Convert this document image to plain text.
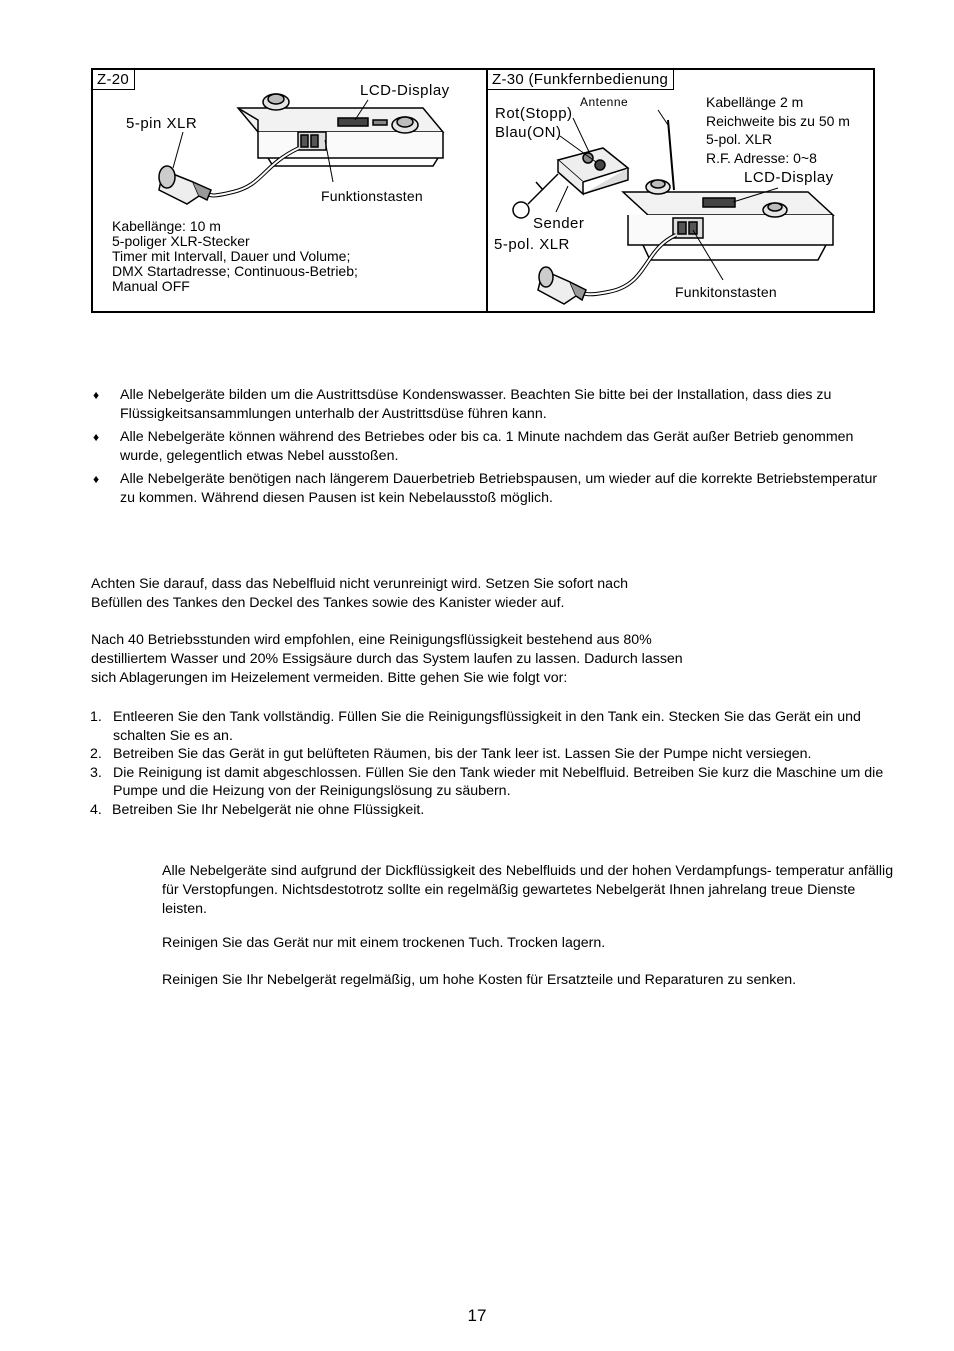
Z-20
LCD-Display
5-pin XLR
Funktionstasten
Kabellänge: 10 m
5-poliger XLR-Stecker
Timer mit Intervall, Dauer und Volume;
DMX Startadresse; Continuous-Betrieb;
Manual OFF
Z-30 (Funkfernbedienung
Antenne
Rot(Stopp)
Blau(ON)
Kabellänge 2 m
Reichweite bis zu 50 m
5-pol. XLR
R.F. Adresse: 0~8
LCD-Display
Sender
5-pol. XLR
Funkitonstasten
♦ Alle Nebelgeräte bilden um die Austrittsdüse Kondenswasser. Beachten Sie bitte bei der Installation, dass dies zu Flüssigkeitsansammlungen unterhalb der Austrittsdüse führen kann.
♦ Alle Nebelgeräte können während des Betriebes oder bis ca. 1 Minute nachdem das Gerät außer Betrieb genommen wurde, gelegentlich etwas Nebel ausstoßen.
♦ Alle Nebelgeräte benötigen nach längerem Dauerbetrieb Betriebspausen, um wieder auf die korrekte Betriebstemperatur zu kommen. Während diesen Pausen ist kein Nebelausstoß möglich.
Achten Sie darauf, dass das Nebelfluid nicht verunreinigt wird. Setzen Sie sofort nach
Befüllen des Tankes den Deckel des Tankes sowie des Kanister wieder auf.
Nach 40 Betriebsstunden wird empfohlen, eine Reinigungsflüssigkeit bestehend aus 80%
destilliertem Wasser und 20% Essigsäure durch das System laufen zu lassen. Dadurch lassen
sich Ablagerungen im Heizelement vermeiden. Bitte gehen Sie wie folgt vor:
1. Entleeren Sie den Tank vollständig. Füllen Sie die Reinigungsflüssigkeit in den Tank ein. Stecken Sie das Gerät ein und schalten Sie es an.
2. Betreiben Sie das Gerät in gut belüfteten Räumen, bis der Tank leer ist. Lassen Sie der Pumpe nicht versiegen.
3. Die Reinigung ist damit abgeschlossen. Füllen Sie den Tank wieder mit Nebelfluid. Betreiben Sie kurz die Maschine um die Pumpe und die Heizung von der Reinigungslösung zu säubern.
4. Betreiben Sie Ihr Nebelgerät nie ohne Flüssigkeit.
Alle Nebelgeräte sind aufgrund der Dickflüssigkeit des Nebelfluids und der hohen Verdampfungs- temperatur anfällig für Verstopfungen. Nichtsdestotrotz sollte ein regelmäßig gewartetes Nebelgerät Ihnen jahrelang treue Dienste leisten.
Reinigen Sie das Gerät nur mit einem trockenen Tuch. Trocken lagern.
Reinigen Sie Ihr Nebelgerät regelmäßig, um hohe Kosten für Ersatzteile und Reparaturen zu senken.
17
